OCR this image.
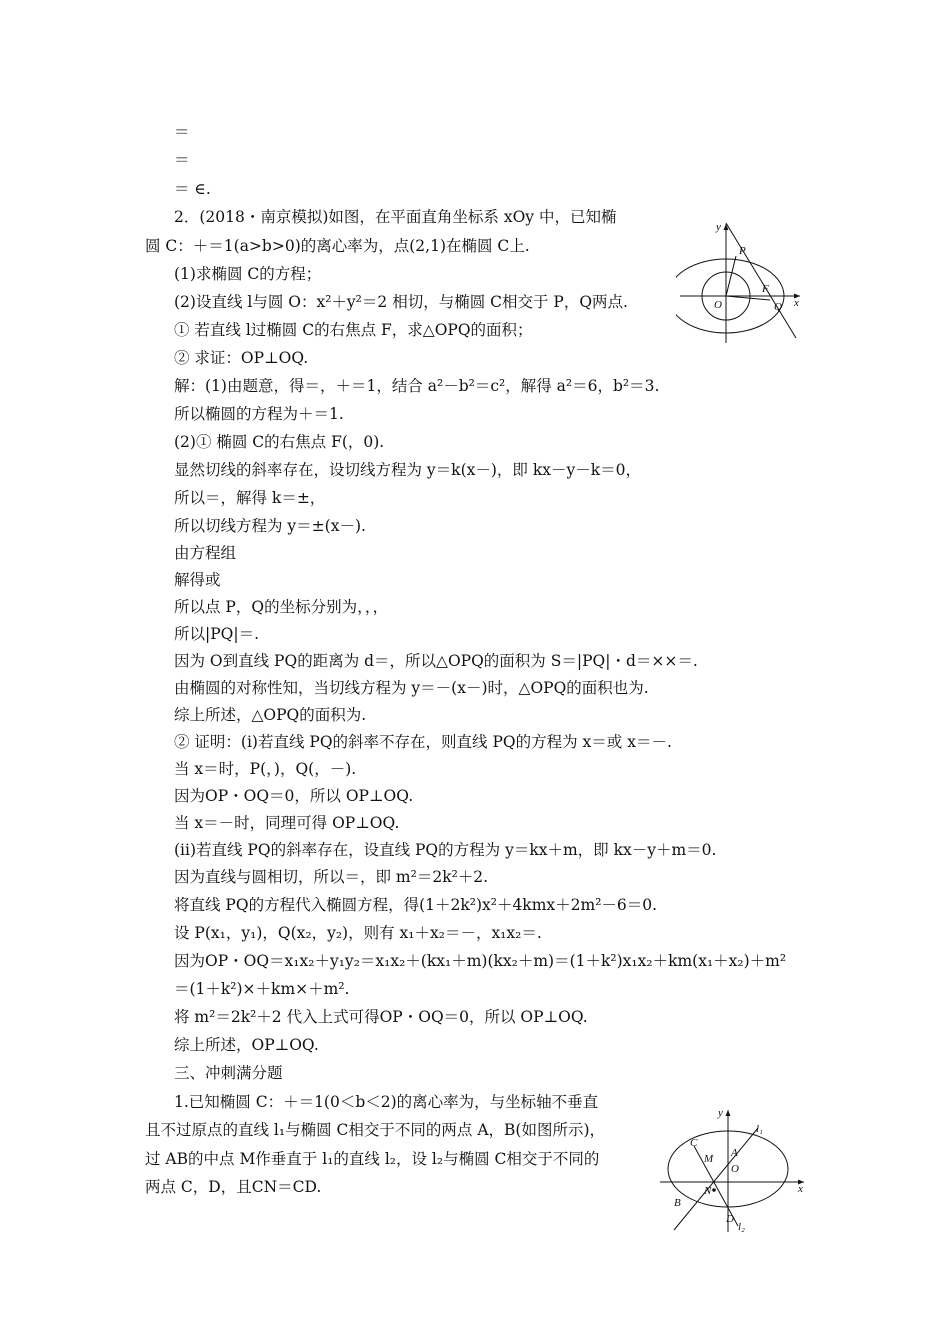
＝
＝
＝ ∈.
2．(2018・南京模拟)如图，在平面直角坐标系 xOy 中，已知椭
圆 C：＋＝1(a>b>0)的离心率为，点(2,1)在椭圆 C上.
(1)求椭圆 C的方程；
(2)设直线 l与圆 O：x²＋y²＝2 相切，与椭圆 C相交于 P，Q两点.
① 若直线 l过椭圆 C的右焦点 F，求△OPQ的面积；
② 求证：OP⊥OQ.
解：(1)由题意，得＝，＋＝1，结合 a²－b²＝c²，解得 a²＝6，b²＝3.
所以椭圆的方程为＋＝1.
(2)① 椭圆 C的右焦点 F(，0).
显然切线的斜率存在，设切线方程为 y＝k(x－)，即 kx－y－k＝0，
所以＝，解得 k＝±，
所以切线方程为 y＝±(x－).
由方程组
解得或
所以点 P，Q的坐标分别为，，，
所以|PQ|＝.
因为 O到直线 PQ的距离为 d＝，所以△OPQ的面积为 S＝|PQ|・d＝××＝.
由椭圆的对称性知，当切线方程为 y＝－(x－)时，△OPQ的面积也为.
综上所述，△OPQ的面积为.
② 证明：(ⅰ)若直线 PQ的斜率不存在，则直线 PQ的方程为 x＝或 x＝－.
当 x＝时，P(，)，Q(，－).
因为OP・OQ＝0，所以 OP⊥OQ.
当 x＝－时，同理可得 OP⊥OQ.
(ⅱ)若直线 PQ的斜率存在，设直线 PQ的方程为 y＝kx＋m，即 kx－y＋m＝0.
因为直线与圆相切，所以＝，即 m²＝2k²＋2.
将直线 PQ的方程代入椭圆方程，得(1＋2k²)x²＋4kmx＋2m²－6＝0.
设 P(x₁，y₁)，Q(x₂，y₂)，则有 x₁＋x₂＝－，x₁x₂＝.
因为OP・OQ＝x₁x₂＋y₁y₂＝x₁x₂＋(kx₁＋m)(kx₂＋m)＝(1＋k²)x₁x₂＋km(x₁＋x₂)＋m²
＝(1＋k²)×＋km×＋m².
将 m²＝2k²＋2 代入上式可得OP・OQ＝0，所以 OP⊥OQ.
综上所述，OP⊥OQ.
三、冲刺满分题
1.已知椭圆 C：＋＝1(0＜b＜2)的离心率为，与坐标轴不垂直
且不过原点的直线 l₁与椭圆 C相交于不同的两点 A，B(如图所示)，
过 AB的中点 M作垂直于 l₁的直线 l₂，设 l₂与椭圆 C相交于不同的
两点 C，D，且CN＝CD.
y
P
O
F
Q x
y
l₁
C
M A
O
x
N
B
D
l₂
